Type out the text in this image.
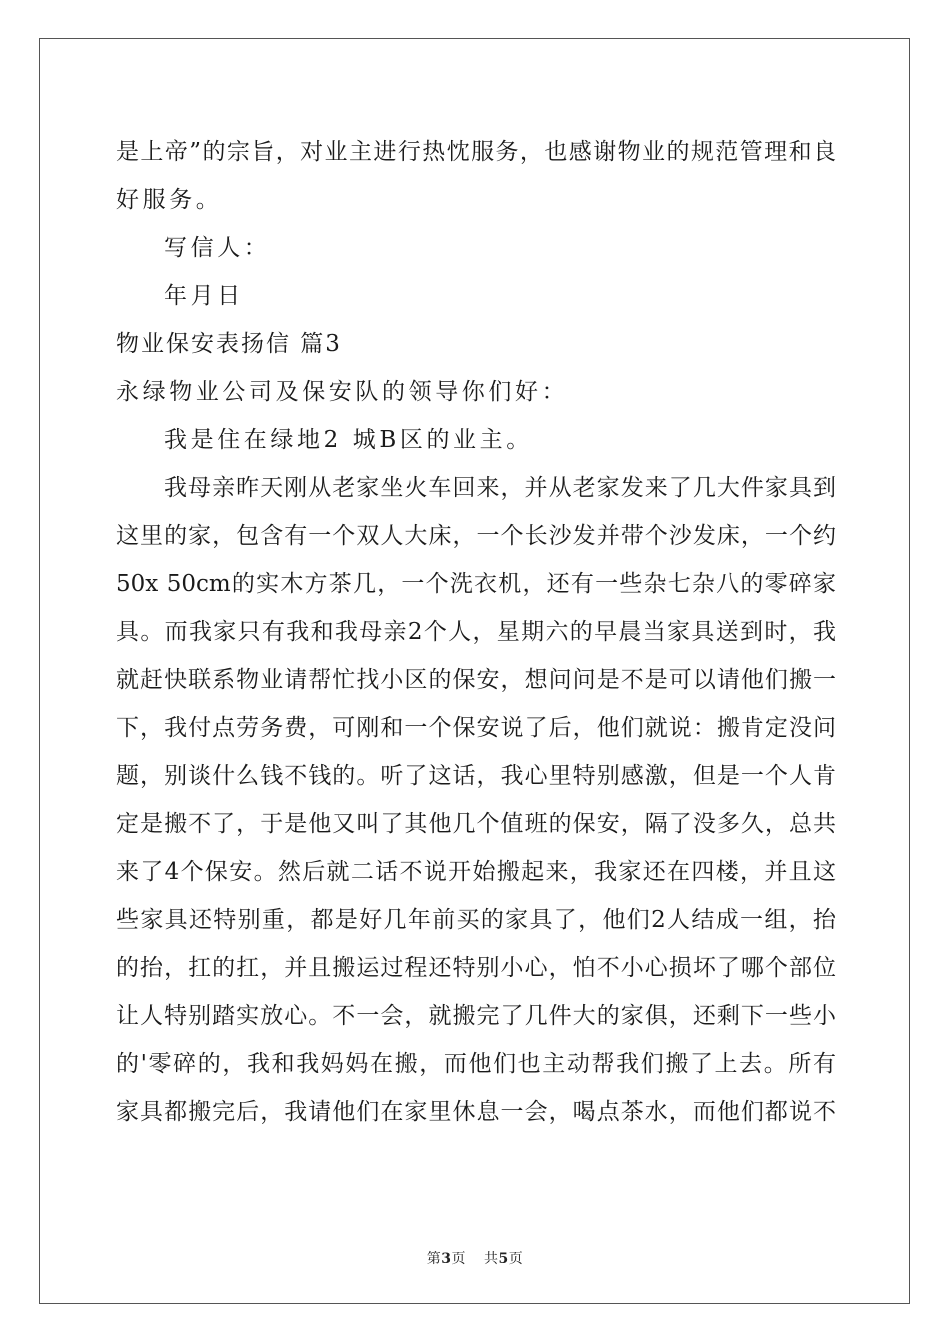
是上帝”的宗旨，对业主进行热忱服务，也感谢物业的规范管理和良
好服务。
写信人：
年月日
物业保安表扬信 篇3
永绿物业公司及保安队的领导你们好：
我是住在绿地2 城B区的业主。
我母亲昨天刚从老家坐火车回来，并从老家发来了几大件家具到
这里的家，包含有一个双人大床，一个长沙发并带个沙发床，一个约
50x 50cm的实木方茶几，一个洗衣机，还有一些杂七杂八的零碎家
具。而我家只有我和我母亲2个人，星期六的早晨当家具送到时，我
就赶快联系物业请帮忙找小区的保安，想问问是不是可以请他们搬一
下，我付点劳务费，可刚和一个保安说了后，他们就说：搬肯定没问
题，别谈什么钱不钱的。听了这话，我心里特别感激，但是一个人肯
定是搬不了，于是他又叫了其他几个值班的保安，隔了没多久，总共
来了4个保安。然后就二话不说开始搬起来，我家还在四楼，并且这
些家具还特别重，都是好几年前买的家具了，他们2人结成一组，抬
的抬，扛的扛，并且搬运过程还特别小心，怕不小心损坏了哪个部位
让人特别踏实放心。不一会，就搬完了几件大的家俱，还剩下一些小
的'零碎的，我和我妈妈在搬，而他们也主动帮我们搬了上去。所有
家具都搬完后，我请他们在家里休息一会，喝点茶水，而他们都说不
第3页 共5页
